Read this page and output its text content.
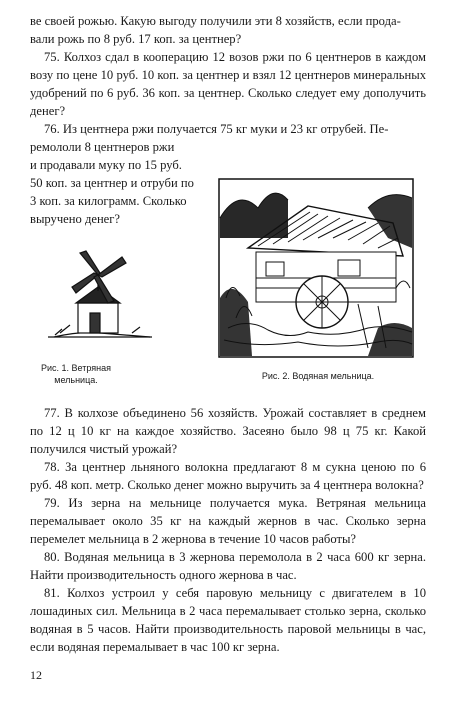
ве своей рожью. Какую выгоду получили эти 8 хозяйств, если прода-
вали рожь по 8 руб. 17 коп. за центнер?

75. Колхоз сдал в кооперацию 12 возов ржи по 6 центнеров в каждом возу по цене 10 руб. 10 коп. за центнер и взял 12 центнеров минеральных удобрений по 6 руб. 36 коп. за центнер. Сколько следует ему дополучить денег?

76. Из центнера ржи получается 75 кг муки и 23 кг отрубей. Пе-
ремололи 8 центнеров ржи
и продавали муку по 15 руб.
50 коп. за центнер и отруби по
3 коп. за килограмм. Сколько
выручено денег?
Рис. 1. Ветряная мельница.	Рис. 2. Водяная мельница.

77. В колхозе объединено 56 хозяйств. Урожай составляет в среднем по 12 ц 10 кг на каждое хозяйство. Засеяно было 98 ц 75 кг. Какой получился чистый урожай?

78. За центнер льняного волокна предлагают 8 м сукна ценою по 6 руб. 48 коп. метр. Сколько денег можно выручить за 4 центнера волокна?

79. Из зерна на мельнице получается мука. Ветряная мельница перемалывает около 35 кг на каждый жернов в час. Сколько зерна перемелет мельница в 2 жернова в течение 10 часов работы?

80. Водяная мельница в 3 жернова перемолола в 2 часа 600 кг зерна. Найти производительность одного жернова в час.

81. Колхоз устроил у себя паровую мельницу с двигателем в 10 лошадиных сил. Мельница в 2 часа перемалывает столько зерна, сколько водяная в 5 часов. Найти производительность паровой мельницы в час, если водяная перемалывает в час 100 кг зерна.

12
